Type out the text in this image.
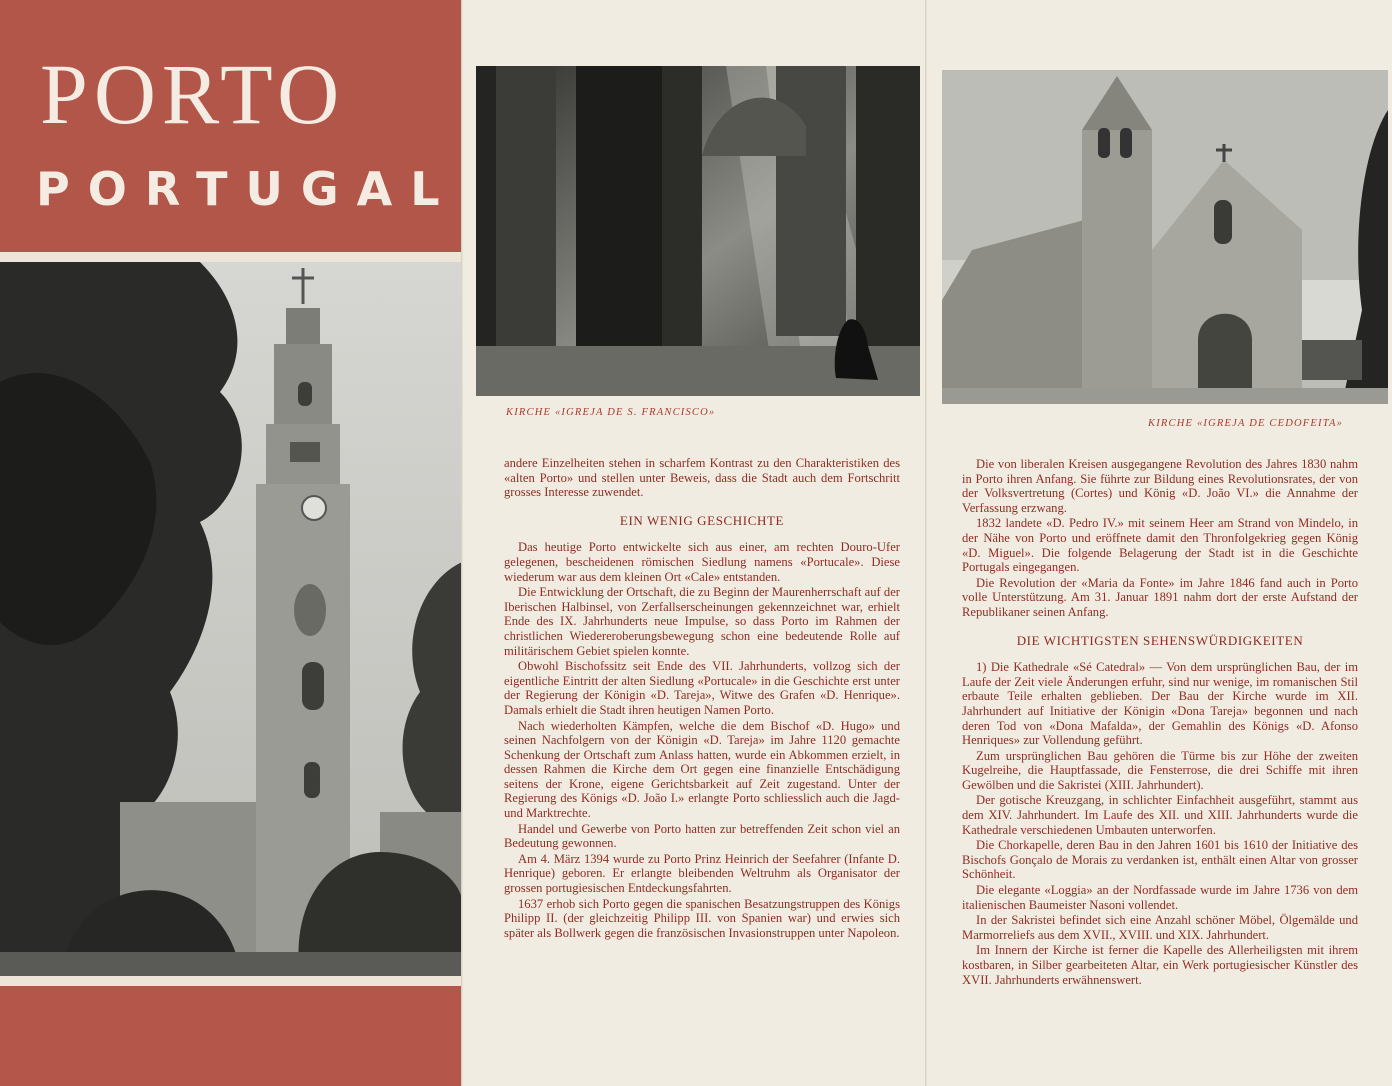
PORTO
PORTUGAL
KIRCHE «IGREJA DE S. FRANCISCO»

andere Einzelheiten stehen in scharfem Kontrast zu den Charakteristiken des «alten Porto» und stellen unter Beweis, dass die Stadt auch dem Fortschritt grosses Interesse zuwendet.

EIN WENIG GESCHICHTE

Das heutige Porto entwickelte sich aus einer, am rechten Douro-Ufer gelegenen, bescheidenen römischen Siedlung namens «Portucale». Diese wiederum war aus dem kleinen Ort «Cale» entstanden.

Die Entwicklung der Ortschaft, die zu Beginn der Maurenherrschaft auf der Iberischen Halbinsel, von Zerfallserscheinungen gekennzeichnet war, erhielt Ende des IX. Jahrhunderts neue Impulse, so dass Porto im Rahmen der christlichen Wiedereroberungsbewegung schon eine bedeutende Rolle auf militärischem Gebiet spielen konnte.

Obwohl Bischofssitz seit Ende des VII. Jahrhunderts, vollzog sich der eigentliche Eintritt der alten Siedlung «Portucale» in die Geschichte erst unter der Regierung der Königin «D. Tareja», Witwe des Grafen «D. Henrique». Damals erhielt die Stadt ihren heutigen Namen Porto.

Nach wiederholten Kämpfen, welche die dem Bischof «D. Hugo» und seinen Nachfolgern von der Königin «D. Tareja» im Jahre 1120 gemachte Schenkung der Ortschaft zum Anlass hatten, wurde ein Abkommen erzielt, in dessen Rahmen die Kirche dem Ort gegen eine finanzielle Entschädigung seitens der Krone, eigene Gerichtsbarkeit auf Zeit zugestand. Unter der Regierung des Königs «D. João I.» erlangte Porto schliesslich auch die Jagd- und Marktrechte.

Handel und Gewerbe von Porto hatten zur betreffenden Zeit schon viel an Bedeutung gewonnen.

Am 4. März 1394 wurde zu Porto Prinz Heinrich der Seefahrer (Infante D. Henrique) geboren. Er erlangte bleibenden Weltruhm als Organisator der grossen portugiesischen Entdeckungsfahrten.

1637 erhob sich Porto gegen die spanischen Besatzungstruppen des Königs Philipp II. (der gleichzeitig Philipp III. von Spanien war) und erwies sich später als Bollwerk gegen die französischen Invasionstruppen unter Napoleon.

KIRCHE «IGREJA DE CEDOFEITA»

Die von liberalen Kreisen ausgegangene Revolution des Jahres 1830 nahm in Porto ihren Anfang. Sie führte zur Bildung eines Revolutionsrates, der von der Volksvertretung (Cortes) und König «D. João VI.» die Annahme der Verfassung erzwang.

1832 landete «D. Pedro IV.» mit seinem Heer am Strand von Mindelo, in der Nähe von Porto und eröffnete damit den Thronfolgekrieg gegen König «D. Miguel». Die folgende Belagerung der Stadt ist in die Geschichte Portugals eingegangen.

Die Revolution der «Maria da Fonte» im Jahre 1846 fand auch in Porto volle Unterstützung. Am 31. Januar 1891 nahm dort der erste Aufstand der Republikaner seinen Anfang.

DIE WICHTIGSTEN SEHENSWÜRDIGKEITEN

1) Die Kathedrale «Sé Catedral» — Von dem ursprünglichen Bau, der im Laufe der Zeit viele Änderungen erfuhr, sind nur wenige, im romanischen Stil erbaute Teile erhalten geblieben. Der Bau der Kirche wurde im XII. Jahrhundert auf Initiative der Königin «Dona Tareja» begonnen und nach deren Tod von «Dona Mafalda», der Gemahlin des Königs «D. Afonso Henriques» zur Vollendung geführt.

Zum ursprünglichen Bau gehören die Türme bis zur Höhe der zweiten Kugelreihe, die Hauptfassade, die Fensterrose, die drei Schiffe mit ihren Gewölben und die Sakristei (XIII. Jahrhundert).

Der gotische Kreuzgang, in schlichter Einfachheit ausgeführt, stammt aus dem XIV. Jahrhundert. Im Laufe des XII. und XIII. Jahrhunderts wurde die Kathedrale verschiedenen Umbauten unterworfen.

Die Chorkapelle, deren Bau in den Jahren 1601 bis 1610 der Initiative des Bischofs Gonçalo de Morais zu verdanken ist, enthält einen Altar von grosser Schönheit.

Die elegante «Loggia» an der Nordfassade wurde im Jahre 1736 von dem italienischen Baumeister Nasoni vollendet.

In der Sakristei befindet sich eine Anzahl schöner Möbel, Ölgemälde und Marmorreliefs aus dem XVII., XVIII. und XIX. Jahrhundert.

Im Innern der Kirche ist ferner die Kapelle des Allerheiligsten mit ihrem kostbaren, in Silber gearbeiteten Altar, ein Werk portugiesischer Künstler des XVII. Jahrhunderts erwähnenswert.
